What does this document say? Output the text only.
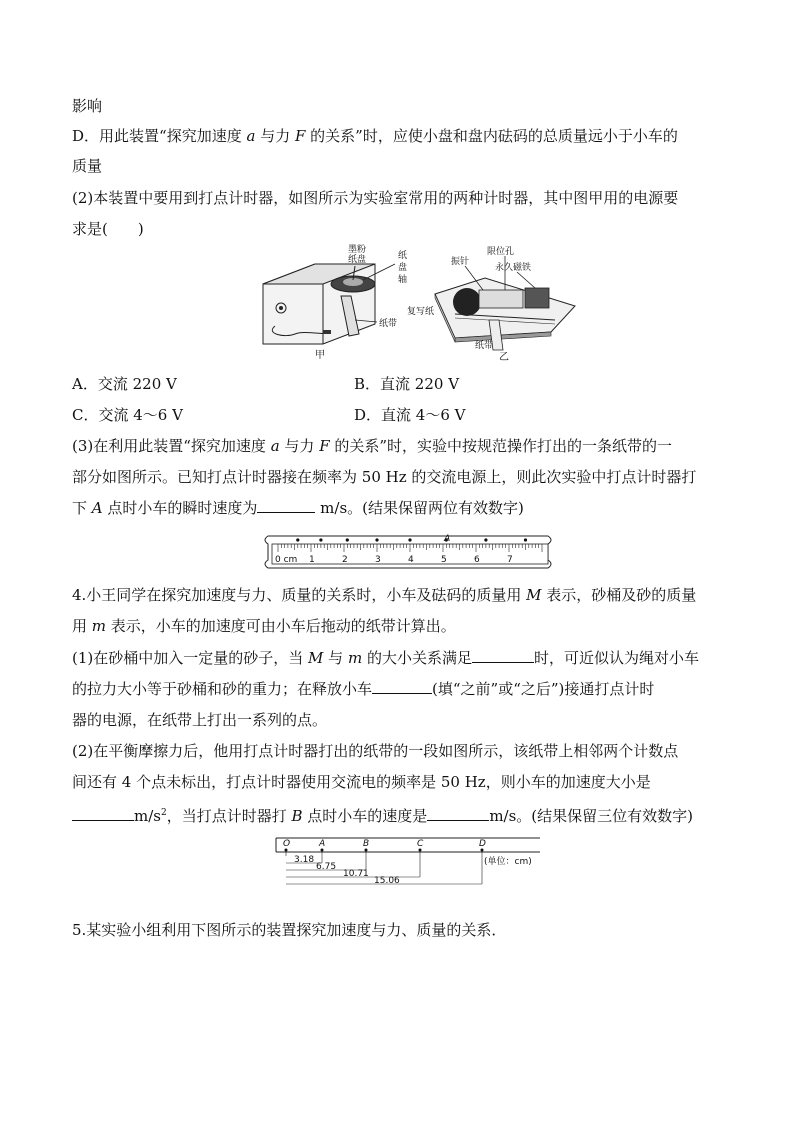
影响
D．用此装置“探究加速度 a 与力 F 的关系”时，应使小盘和盘内砝码的总质量远小于小车的
质量
(2)本装置中要用到打点计时器，如图所示为实验室常用的两种计时器，其中图甲用的电源要
求是(　　)
墨粉
纸盘	纸
盘
轴
纸带
甲
振针
限位孔
永久磁铁
复写纸
纸带
乙
A．交流 220 V	B．直流 220 V
C．交流 4～6 V	D．直流 4～6 V
(3)在利用此装置“探究加速度 a 与力 F 的关系”时，实验中按规范操作打出的一条纸带的一
部分如图所示。已知打点计时器接在频率为 50 Hz 的交流电源上，则此次实验中打点计时器打
下 A 点时小车的瞬时速度为	m/s。(结果保留两位有效数字)
0 cm 1	2	3	4	5	6	7
A
4.小王同学在探究加速度与力、质量的关系时，小车及砝码的质量用 M 表示，砂桶及砂的质量
用 m 表示，小车的加速度可由小车后拖动的纸带计算出。
(1)在砂桶中加入一定量的砂子，当 M 与 m 的大小关系满足	时，可近似认为绳对小车
的拉力大小等于砂桶和砂的重力；在释放小车	(填“之前”或“之后”)接通打点计时
器的电源，在纸带上打出一系列的点。
(2)在平衡摩擦力后，他用打点计时器打出的纸带的一段如图所示，该纸带上相邻两个计数点
间还有 4 个点未标出，打点计时器使用交流电的频率是 50 Hz，则小车的加速度大小是
$m/s^2$，当打点计时器打 B 点时小车的速度是	m/s。(结果保留三位有效数字)
O	A	B	C	D
3.18
6.75
10.71
15.06
(单位：cm)
5.某实验小组利用下图所示的装置探究加速度与力、质量的关系．
